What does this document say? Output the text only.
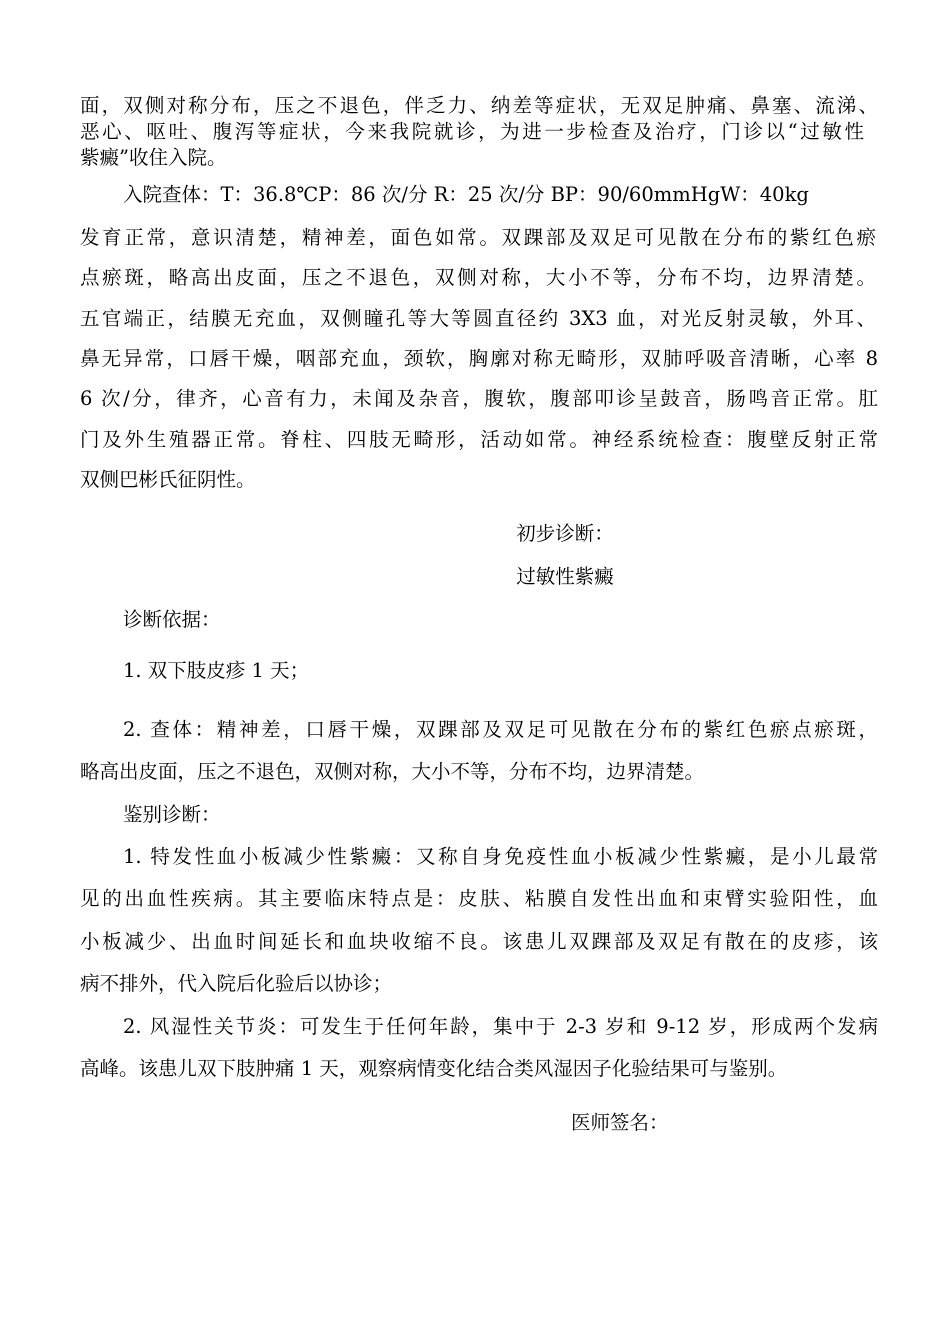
面，双侧对称分布，压之不退色，伴乏力、纳差等症状，无双足肿痛、鼻塞、流涕、
恶心、呕吐、腹泻等症状，今来我院就诊，为进一步检查及治疗，门诊以“过敏性
紫癜”收住入院。
入院查体：T：36.8℃P：86 次/分 R：25 次/分 BP：90/60mmHgW：40kg
发育正常，意识清楚，精神差，面色如常。双踝部及双足可见散在分布的紫红色瘀
点瘀斑，略高出皮面，压之不退色，双侧对称，大小不等，分布不均，边界清楚。
五官端正，结膜无充血，双侧瞳孔等大等圆直径约 3X3 血，对光反射灵敏，外耳、
鼻无异常，口唇干燥，咽部充血，颈软，胸廓对称无畸形，双肺呼吸音清晰，心率 8
6 次/分，律齐，心音有力，未闻及杂音，腹软，腹部叩诊呈鼓音，肠鸣音正常。肛
门及外生殖器正常。脊柱、四肢无畸形，活动如常。神经系统检查：腹壁反射正常
双侧巴彬氏征阴性。
初步诊断：
过敏性紫癜
诊断依据：
1. 双下肢皮疹 1 天；
2. 查体：精神差，口唇干燥，双踝部及双足可见散在分布的紫红色瘀点瘀斑，
略高出皮面，压之不退色，双侧对称，大小不等，分布不均，边界清楚。
鉴别诊断：
1. 特发性血小板减少性紫癜：又称自身免疫性血小板减少性紫癜，是小儿最常
见的出血性疾病。其主要临床特点是：皮肤、粘膜自发性出血和束臂实验阳性，血
小板减少、出血时间延长和血块收缩不良。该患儿双踝部及双足有散在的皮疹，该
病不排外，代入院后化验后以协诊；
2. 风湿性关节炎：可发生于任何年龄，集中于 2-3 岁和 9-12 岁，形成两个发病
高峰。该患儿双下肢肿痛 1 天，观察病情变化结合类风湿因子化验结果可与鉴别。
医师签名：
